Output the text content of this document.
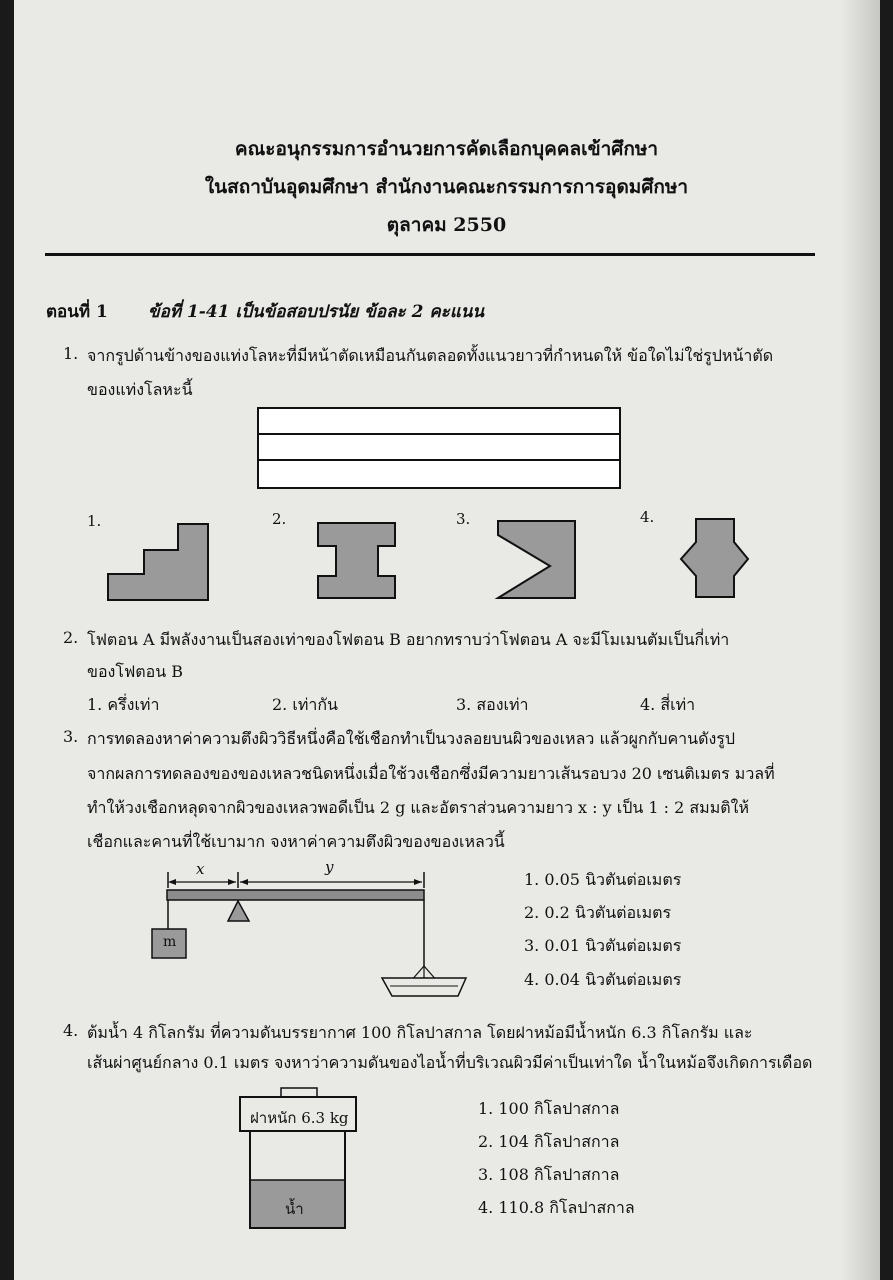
คณะอนุกรรมการอำนวยการคัดเลือกบุคคลเข้าศึกษา
ในสถาบันอุดมศึกษา สำนักงานคณะกรรมการการอุดมศึกษา
ตุลาคม 2550
ตอนที่ 1 ข้อที่ 1-41 เป็นข้อสอบปรนัย ข้อละ 2 คะแนน
1. จากรูปด้านข้างของแท่งโลหะที่มีหน้าตัดเหมือนกันตลอดทั้งแนวยาวที่กำหนดให้ ข้อใดไม่ใช่รูปหน้าตัด
ของแท่งโลหะนี้
1.	2.	3.	4.
2. โฟตอน A มีพลังงานเป็นสองเท่าของโฟตอน B อยากทราบว่าโฟตอน A จะมีโมเมนตัมเป็นกี่เท่า
ของโฟตอน B
1. ครึ่งเท่า	2. เท่ากัน	3. สองเท่า	4. สี่เท่า
3. การทดลองหาค่าความตึงผิววิธีหนึ่งคือใช้เชือกทำเป็นวงลอยบนผิวของเหลว แล้วผูกกับคานดังรูป
จากผลการทดลองของของเหลวชนิดหนึ่งเมื่อใช้วงเชือกซึ่งมีความยาวเส้นรอบวง 20 เซนติเมตร มวลที่
ทำให้วงเชือกหลุดจากผิวของเหลวพอดีเป็น 2 g และอัตราส่วนความยาว x : y เป็น 1 : 2 สมมติให้
เชือกและคานที่ใช้เบามาก จงหาค่าความตึงผิวของของเหลวนี้
x	y
m
1. 0.05 นิวตันต่อเมตร
2. 0.2 นิวตันต่อเมตร
3. 0.01 นิวตันต่อเมตร
4. 0.04 นิวตันต่อเมตร
4. ต้มน้ำ 4 กิโลกรัม ที่ความดันบรรยากาศ 100 กิโลปาสกาล โดยฝาหม้อมีน้ำหนัก 6.3 กิโลกรัม และ
เส้นผ่าศูนย์กลาง 0.1 เมตร จงหาว่าความดันของไอน้ำที่บริเวณผิวมีค่าเป็นเท่าใด น้ำในหม้อจึงเกิดการเดือด
ฝาหนัก 6.3 kg
น้ำ
1. 100 กิโลปาสกาล
2. 104 กิโลปาสกาล
3. 108 กิโลปาสกาล
4. 110.8 กิโลปาสกาล
